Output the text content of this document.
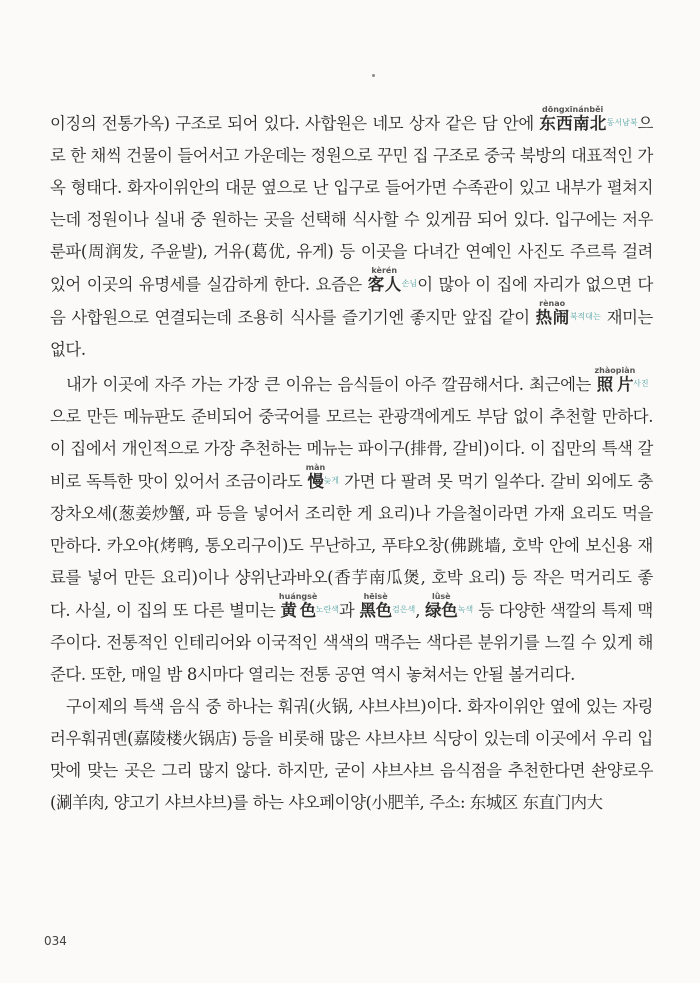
이징의 전통가옥) 구조로 되어 있다. 사합원은 네모 상자 같은 담 안에 东西南北dōngxīnánběi$^{동서남북}$으로 한 채씩 건물이 들어서고 가운데는 정원으로 꾸민 집 구조로 중국 북방의 대표적인 가옥 형태다. 화자이위안의 대문 옆으로 난 입구로 들어가면 수족관이 있고 내부가 펼쳐지는데 정원이나 실내 중 원하는 곳을 선택해 식사할 수 있게끔 되어 있다. 입구에는 저우룬파(周润发, 주윤발), 거유(葛优, 유게) 등 이곳을 다녀간 연예인 사진도 주르륵 걸려 있어 이곳의 유명세를 실감하게 한다. 요즘은 客人kèrén$^{손님}$이 많아 이 집에 자리가 없으면 다음 사합원으로 연결되는데 조용히 식사를 즐기기엔 좋지만 앞집 같이 热闹rènao$^{북적대는}$ 재미는 없다.

내가 이곳에 자주 가는 가장 큰 이유는 음식들이 아주 깔끔해서다. 최근에는 照片zhàopiàn$^{사진}$으로 만든 메뉴판도 준비되어 중국어를 모르는 관광객에게도 부담 없이 추천할 만하다. 이 집에서 개인적으로 가장 추천하는 메뉴는 파이구(排骨, 갈비)이다. 이 집만의 특색 갈비로 독특한 맛이 있어서 조금이라도 慢màn$^{늦게}$ 가면 다 팔려 못 먹기 일쑤다. 갈비 외에도 충장차오셰(葱姜炒蟹, 파 등을 넣어서 조리한 게 요리)나 가을철이라면 가재 요리도 먹을 만하다. 카오야(烤鸭, 통오리구이)도 무난하고, 푸탸오창(佛跳墙, 호박 안에 보신용 재료를 넣어 만든 요리)이나 샹위난과바오(香芋南瓜煲, 호박 요리) 등 작은 먹거리도 좋다. 사실, 이 집의 또 다른 별미는 黄色huángsè$^{노란색}$과 黑色hēisè$^{검은색}$, 绿色lǜsè$^{녹색}$ 등 다양한 색깔의 특제 맥주이다. 전통적인 인테리어와 이국적인 색색의 맥주는 색다른 분위기를 느낄 수 있게 해준다. 또한, 매일 밤 8시마다 열리는 전통 공연 역시 놓쳐서는 안될 볼거리다.

구이제의 특색 음식 중 하나는 훠궈(火锅, 샤브샤브)이다. 화자이위안 옆에 있는 자링러우훠궈뎬(嘉陵楼火锅店) 등을 비롯해 많은 샤브샤브 식당이 있는데 이곳에서 우리 입맛에 맞는 곳은 그리 많지 않다. 하지만, 굳이 샤브샤브 음식점을 추천한다면 솬양로우(涮羊肉, 양고기 샤브샤브)를 하는 샤오페이양(小肥羊, 주소: 东城区 东直门内大

034
